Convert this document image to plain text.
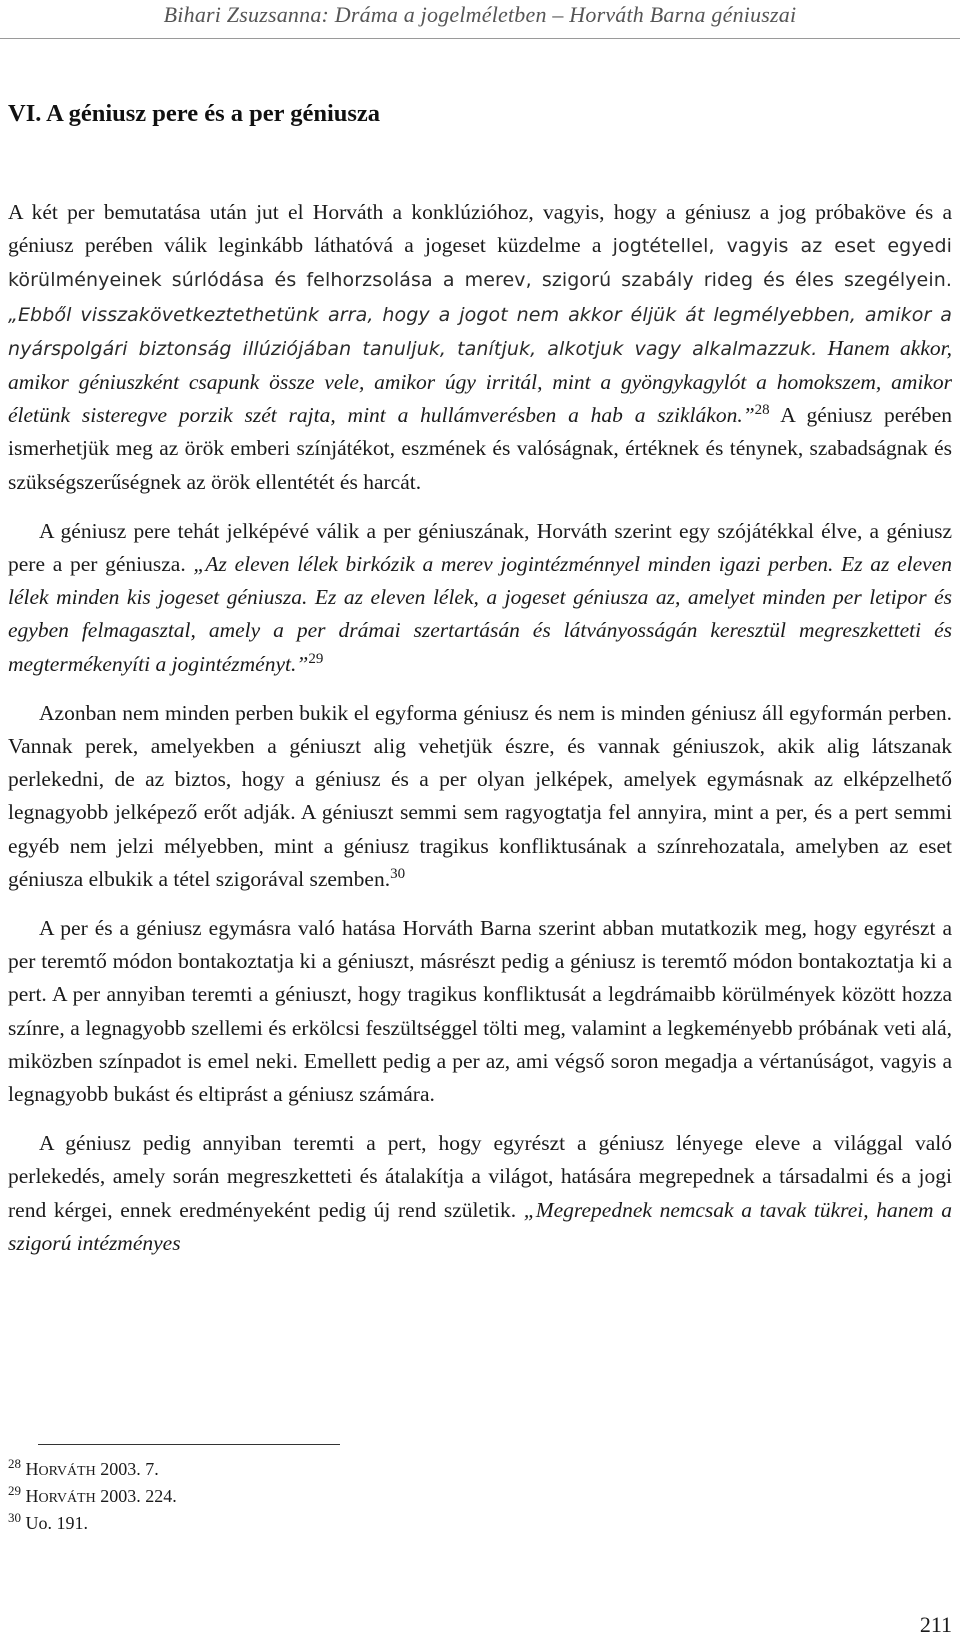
Bihari Zsuzsanna: Dráma a jogelméletben – Horváth Barna géniuszai
VI. A géniusz pere és a per géniusza

A két per bemutatása után jut el Horváth a konklúzióhoz, vagyis, hogy a géniusz a jog próbaköve és a géniusz perében válik leginkább láthatóvá a jogeset küzdelme a jogtétellel, vagyis az eset egyedi körülményeinek súrlódása és felhorzsolása a merev, szigorú szabály rideg és éles szegélyein. „Ebből visszakövetkeztethetünk arra, hogy a jogot nem akkor éljük át legmélyebben, amikor a nyárspolgári biztonság illúziójában tanuljuk, tanítjuk, alkotjuk vagy alkalmazzuk. Hanem akkor, amikor géniuszként csapunk össze vele, amikor úgy irritál, mint a gyöngykagylót a homokszem, amikor életünk sisteregve porzik szét rajta, mint a hullámverésben a hab a sziklákon.”$^{28}$ A géniusz perében ismerhetjük meg az örök emberi színjátékot, eszmének és valóságnak, értéknek és ténynek, szabadságnak és szükségszerűségnek az örök ellentétét és harcát.

A géniusz pere tehát jelképévé válik a per géniuszának, Horváth szerint egy szójátékkal élve, a géniusz pere a per géniusza. „Az eleven lélek birkózik a merev jogintézménnyel minden igazi perben. Ez az eleven lélek minden kis jogeset géniusza. Ez az eleven lélek, a jogeset géniusza az, amelyet minden per letipor és egyben felmagasztal, amely a per drámai szertartásán és látványosságán keresztül megreszketteti és megtermékenyíti a jogintézményt.”$^{29}$

Azonban nem minden perben bukik el egyforma géniusz és nem is minden géniusz áll egyformán perben. Vannak perek, amelyekben a géniuszt alig vehetjük észre, és vannak géniuszok, akik alig látszanak perlekedni, de az biztos, hogy a géniusz és a per olyan jelképek, amelyek egymásnak az elképzelhető legnagyobb jelképező erőt adják. A géniuszt semmi sem ragyogtatja fel annyira, mint a per, és a pert semmi egyéb nem jelzi mélyebben, mint a géniusz tragikus konfliktusának a színrehozatala, amelyben az eset géniusza elbukik a tétel szigorával szemben.$^{30}$

A per és a géniusz egymásra való hatása Horváth Barna szerint abban mutatkozik meg, hogy egyrészt a per teremtő módon bontakoztatja ki a géniuszt, másrészt pedig a géniusz is teremtő módon bontakoztatja ki a pert. A per annyiban teremti a géniuszt, hogy tragikus konfliktusát a legdrámaibb körülmények között hozza színre, a legnagyobb szellemi és erkölcsi feszültséggel tölti meg, valamint a legkeményebb próbának veti alá, miközben színpadot is emel neki. Emellett pedig a per az, ami végső soron megadja a vértanúságot, vagyis a legnagyobb bukást és eltiprást a géniusz számára.

A géniusz pedig annyiban teremti a pert, hogy egyrészt a géniusz lényege eleve a világgal való perlekedés, amely során megreszketteti és átalakítja a világot, hatására megrepednek a társadalmi és a jogi rend kérgei, ennek eredményeként pedig új rend születik. „Megrepednek nemcsak a tavak tükrei, hanem a szigorú intézményes

$^{28}$ HORVÁTH 2003. 7.
$^{29}$ HORVÁTH 2003. 224.
$^{30}$ Uo. 191.
211
